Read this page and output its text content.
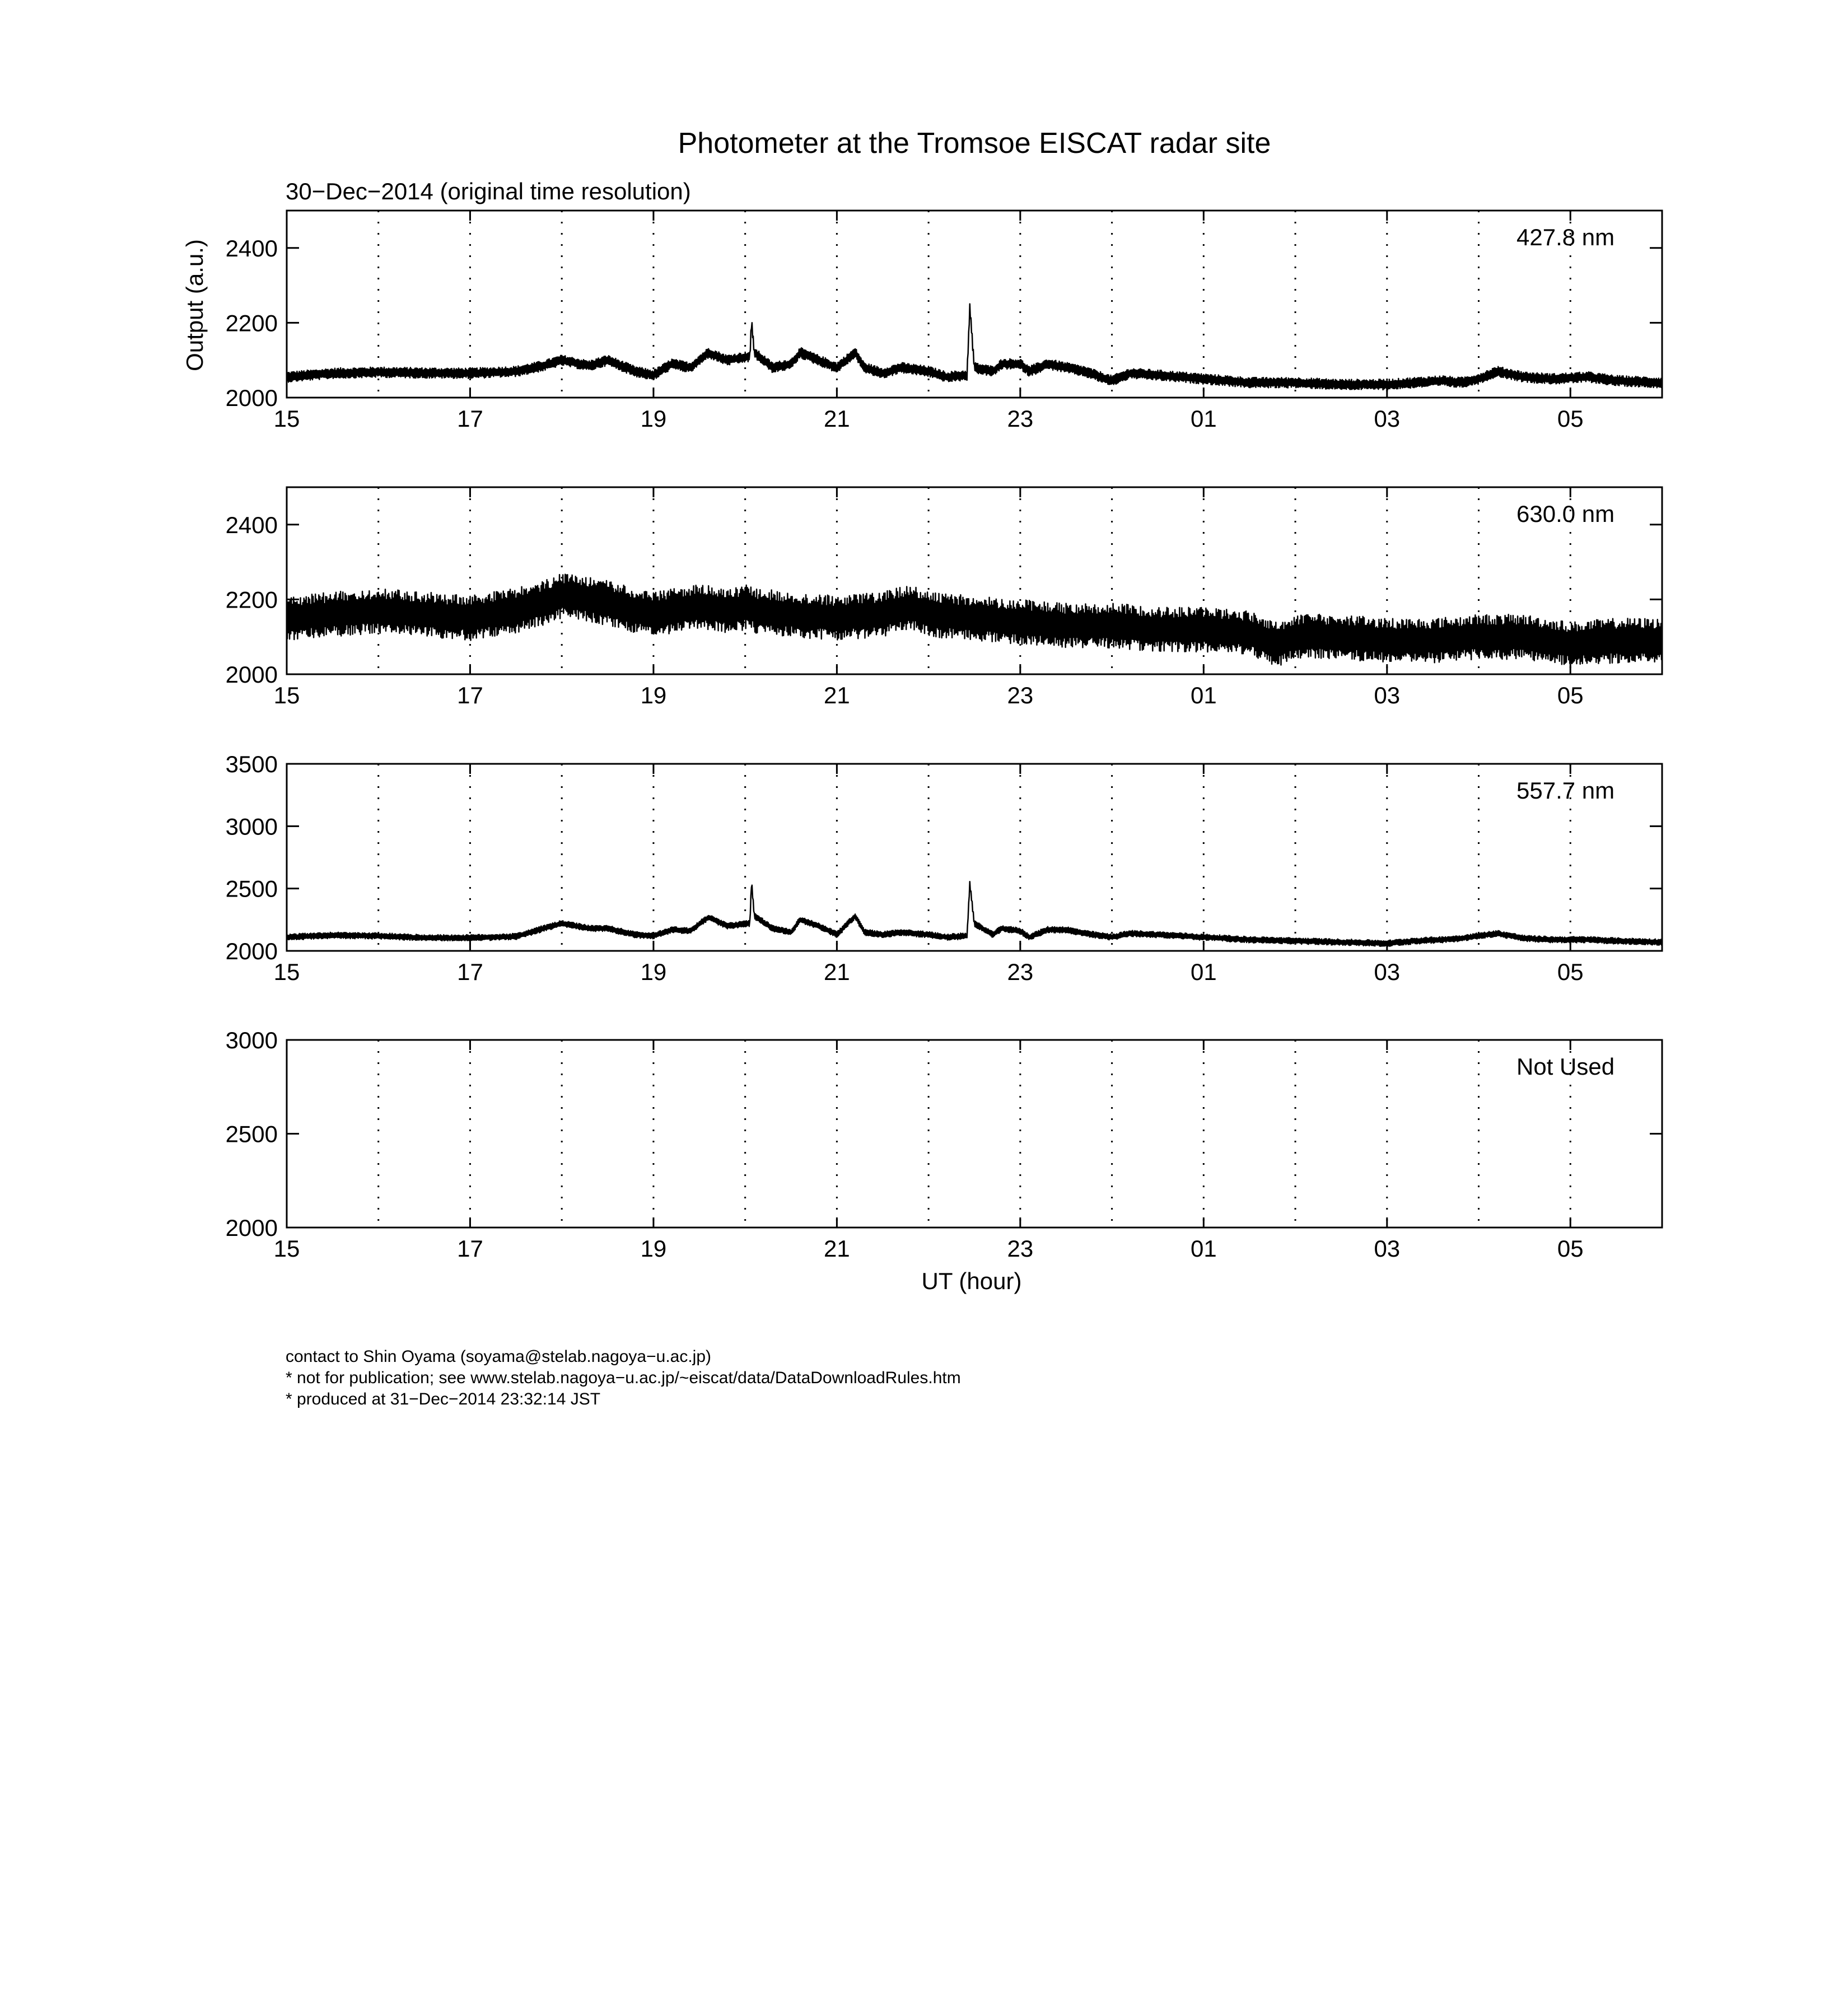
Photometer at the Tromsoe EISCAT radar site
30−Dec−2014 (original time resolution)
Output (a.u.)
15	17	19	21	23	01	03	05
2000
2200
2400	427.8 nm
15	17	19	21	23	01	03	05
2000
2200
2400	630.0 nm
15	17	19	21	23	01	03	05
2000
2500
3000
3500
557.7 nm
15	17	19	21	23	01	03	05
2000
2500
3000
Not Used
UT (hour)
contact to Shin Oyama (soyama@stelab.nagoya−u.ac.jp)
* not for publication; see www.stelab.nagoya−u.ac.jp/~eiscat/data/DataDownloadRules.htm
* produced at 31−Dec−2014 23:32:14 JST
